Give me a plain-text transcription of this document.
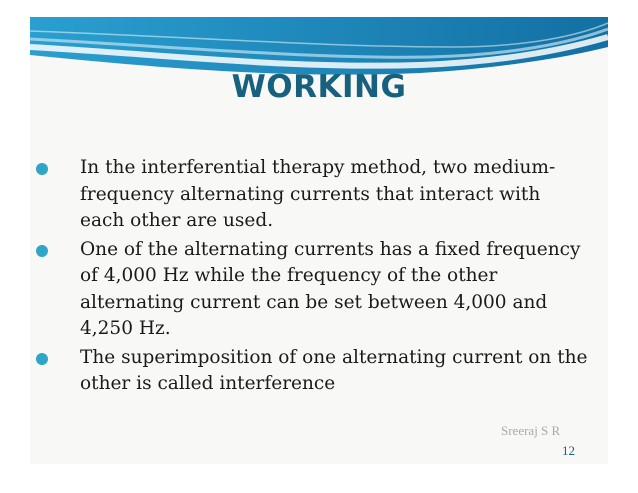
WORKING
In the interferential therapy method, two medium-frequency alternating currents that interact with each other are used.
One of the alternating currents has a fixed frequency of 4,000 Hz while the frequency of the other alternating current can be set between 4,000 and 4,250 Hz.
The superimposition of one alternating current on the other is called interference
Sreeraj S R
12
